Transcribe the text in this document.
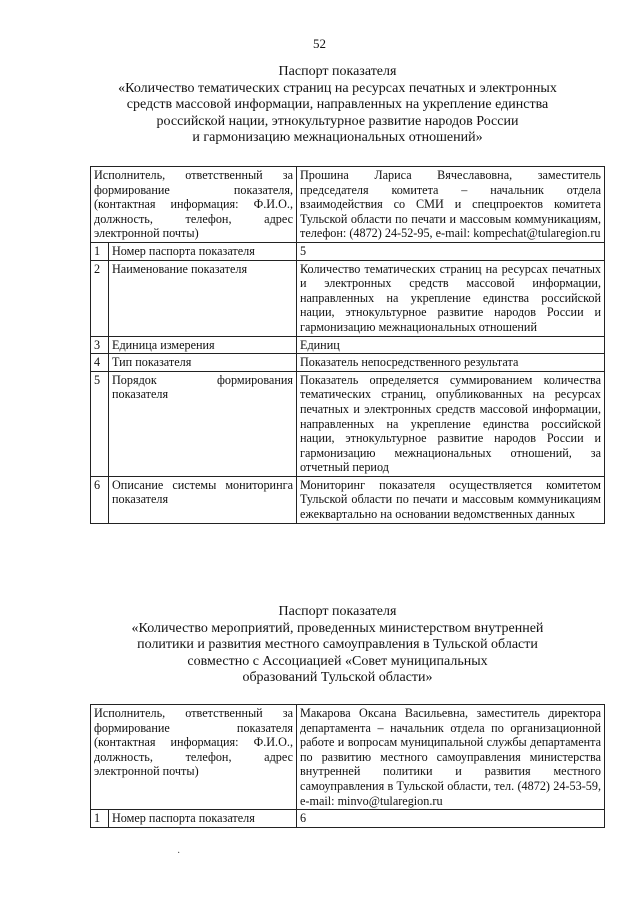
52
Паспорт показателя
«Количество тематических страниц на ресурсах печатных и электронных
средств массовой информации, направленных на укрепление единства
российской нации, этнокультурное развитие народов России
и гармонизацию межнациональных отношений»
Исполнитель, ответственный за формирование показателя, (контактная информация: Ф.И.О., должность, телефон, адрес электронной почты)		Прошина Лариса Вячеславовна, заместитель председателя комитета – начальник отдела взаимодействия со СМИ и спецпроектов комитета Тульской области по печати и массовым коммуникациям, телефон: (4872) 24-52-95, e-mail: kompechat@tularegion.ru
1	Номер паспорта показателя	5
2	Наименование показателя	Количество тематических страниц на ресурсах печатных и электронных средств массовой информации, направленных на укрепление единства российской нации, этнокультурное развитие народов России и гармонизацию межнациональных отношений
3	Единица измерения	Единиц
4	Тип показателя	Показатель непосредственного результата
5	Порядок формирования показателя	Показатель определяется суммированием количества тематических страниц, опубликованных на ресурсах печатных и электронных средств массовой информации, направленных на укрепление единства российской нации, этнокультурное развитие народов России и гармонизацию межнациональных отношений, за отчетный период
6	Описание системы мониторинга показателя	Мониторинг показателя осуществляется комитетом Тульской области по печати и массовым коммуникациям ежеквартально на основании ведомственных данных
Паспорт показателя
«Количество мероприятий, проведенных министерством внутренней
политики и развития местного самоуправления в Тульской области
совместно с Ассоциацией «Совет муниципальных
образований Тульской области»
Исполнитель, ответственный за формирование показателя (контактная информация: Ф.И.О., должность, телефон, адрес электронной почты)		Макарова Оксана Васильевна, заместитель директора департамента – начальник отдела по организационной работе и вопросам муниципальной службы департамента по развитию местного самоуправления министерства внутренней политики и развития местного самоуправления в Тульской области, тел. (4872) 24-53-59, e-mail: minvo@tularegion.ru
1	Номер паспорта показателя	6
·
